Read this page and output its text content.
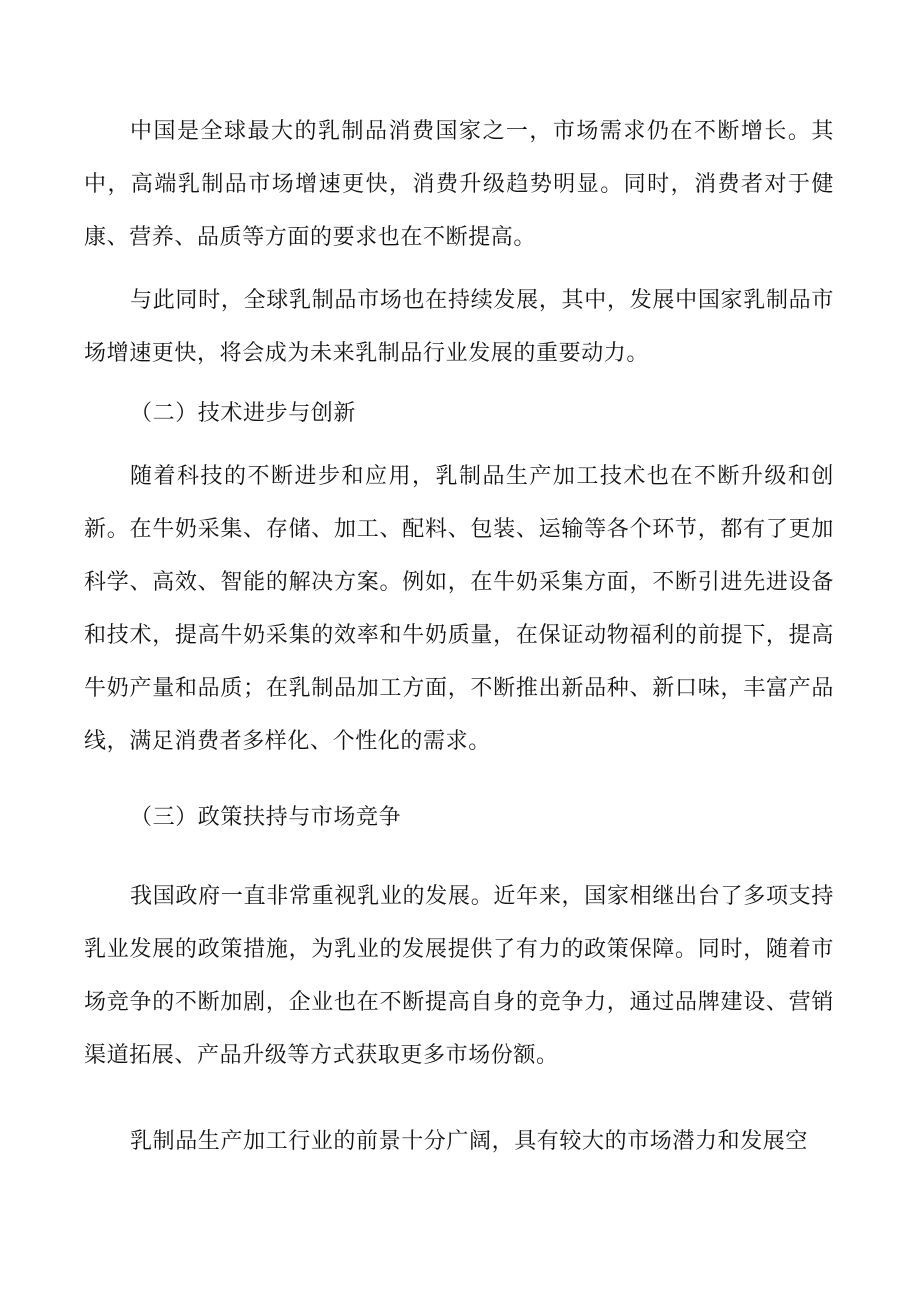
中国是全球最大的乳制品消费国家之一，市场需求仍在不断增长。其中，高端乳制品市场增速更快，消费升级趋势明显。同时，消费者对于健康、营养、品质等方面的要求也在不断提高。

与此同时，全球乳制品市场也在持续发展，其中，发展中国家乳制品市场增速更快，将会成为未来乳制品行业发展的重要动力。

（二）技术进步与创新

随着科技的不断进步和应用，乳制品生产加工技术也在不断升级和创新。在牛奶采集、存储、加工、配料、包装、运输等各个环节，都有了更加科学、高效、智能的解决方案。例如，在牛奶采集方面，不断引进先进设备和技术，提高牛奶采集的效率和牛奶质量，在保证动物福利的前提下，提高牛奶产量和品质；在乳制品加工方面，不断推出新品种、新口味，丰富产品线，满足消费者多样化、个性化的需求。

（三）政策扶持与市场竞争

我国政府一直非常重视乳业的发展。近年来，国家相继出台了多项支持乳业发展的政策措施，为乳业的发展提供了有力的政策保障。同时，随着市场竞争的不断加剧，企业也在不断提高自身的竞争力，通过品牌建设、营销渠道拓展、产品升级等方式获取更多市场份额。

乳制品生产加工行业的前景十分广阔，具有较大的市场潜力和发展空
